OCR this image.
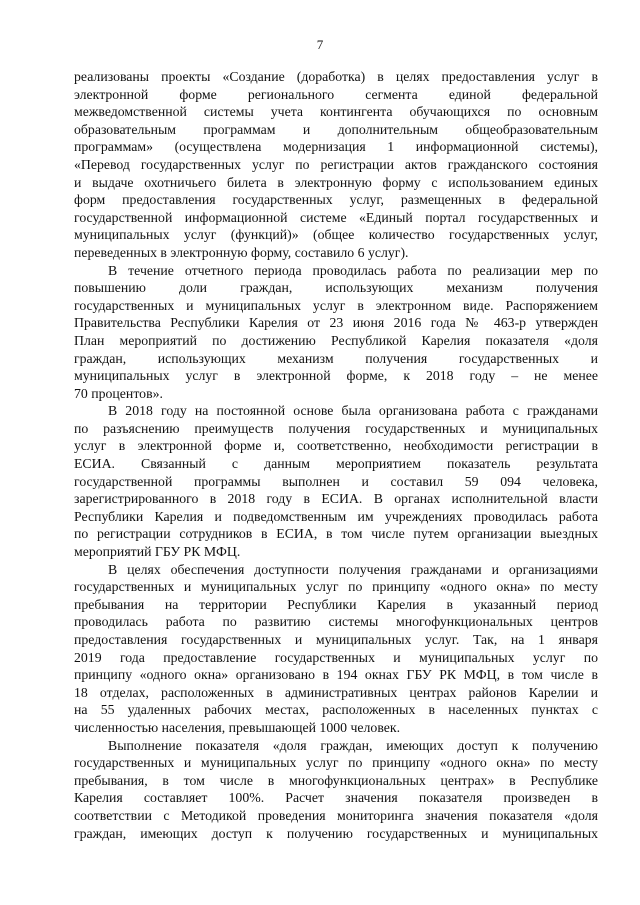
7
реализованы проекты «Создание (доработка) в целях предоставления услуг в
электронной форме регионального сегмента единой федеральной
межведомственной системы учета контингента обучающихся по основным
образовательным программам и дополнительным общеобразовательным
программам» (осуществлена модернизация 1 информационной системы),
«Перевод государственных услуг по регистрации актов гражданского состояния
и выдаче охотничьего билета в электронную форму с использованием единых
форм предоставления государственных услуг, размещенных в федеральной
государственной информационной системе «Единый портал государственных и
муниципальных услуг (функций)» (общее количество государственных услуг,
переведенных в электронную форму, составило 6 услуг).
В течение отчетного периода проводилась работа по реализации мер по
повышению доли граждан, использующих механизм получения
государственных и муниципальных услуг в электронном виде. Распоряжением
Правительства Республики Карелия от 23 июня 2016 года № 463-р утвержден
План мероприятий по достижению Республикой Карелия показателя «доля
граждан, использующих механизм получения государственных и
муниципальных услуг в электронной форме, к 2018 году – не менее
70 процентов».
В 2018 году на постоянной основе была организована работа с гражданами
по разъяснению преимуществ получения государственных и муниципальных
услуг в электронной форме и, соответственно, необходимости регистрации в
ЕСИА. Связанный с данным мероприятием показатель результата
государственной программы выполнен и составил 59 094 человека,
зарегистрированного в 2018 году в ЕСИА. В органах исполнительной власти
Республики Карелия и подведомственным им учреждениях проводилась работа
по регистрации сотрудников в ЕСИА, в том числе путем организации выездных
мероприятий ГБУ РК МФЦ.
В целях обеспечения доступности получения гражданами и организациями
государственных и муниципальных услуг по принципу «одного окна» по месту
пребывания на территории Республики Карелия в указанный период
проводилась работа по развитию системы многофункциональных центров
предоставления государственных и муниципальных услуг. Так, на 1 января
2019 года предоставление государственных и муниципальных услуг по
принципу «одного окна» организовано в 194 окнах ГБУ РК МФЦ, в том числе в
18 отделах, расположенных в административных центрах районов Карелии и
на 55 удаленных рабочих местах, расположенных в населенных пунктах с
численностью населения, превышающей 1000 человек.
Выполнение показателя «доля граждан, имеющих доступ к получению
государственных и муниципальных услуг по принципу «одного окна» по месту
пребывания, в том числе в многофункциональных центрах» в Республике
Карелия составляет 100%. Расчет значения показателя произведен в
соответствии с Методикой проведения мониторинга значения показателя «доля
граждан, имеющих доступ к получению государственных и муниципальных
